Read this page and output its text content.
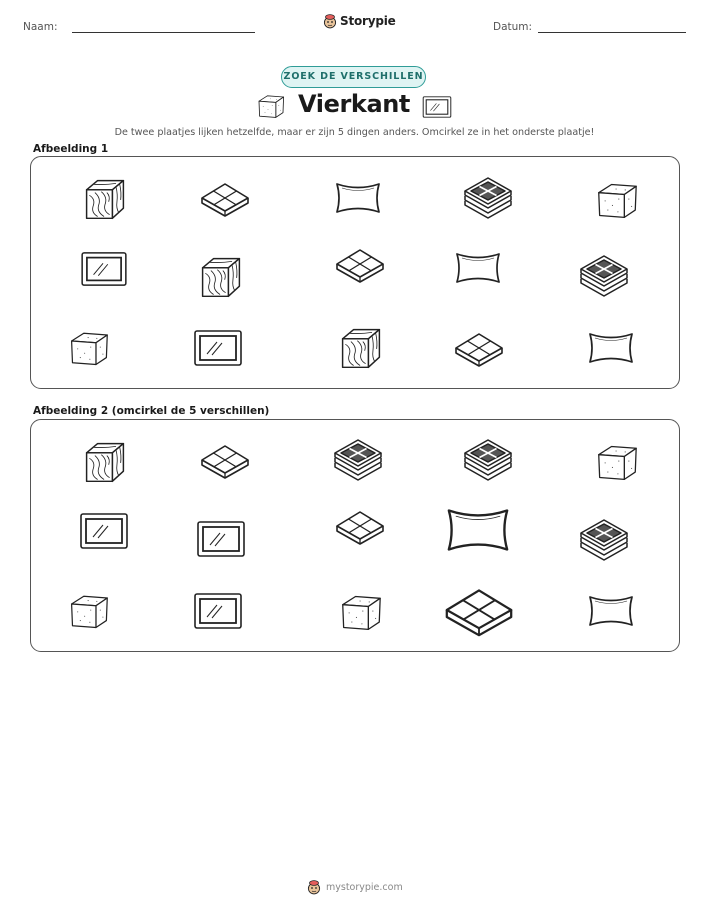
Naam:	Storypie	Datum:
ZOEK DE VERSCHILLEN
Vierkant
De twee plaatjes lijken hetzelfde, maar er zijn 5 dingen anders. Omcirkel ze in het onderste plaatje!
Afbeelding 1
Afbeelding 2 (omcirkel de 5 verschillen)
mystorypie.com
